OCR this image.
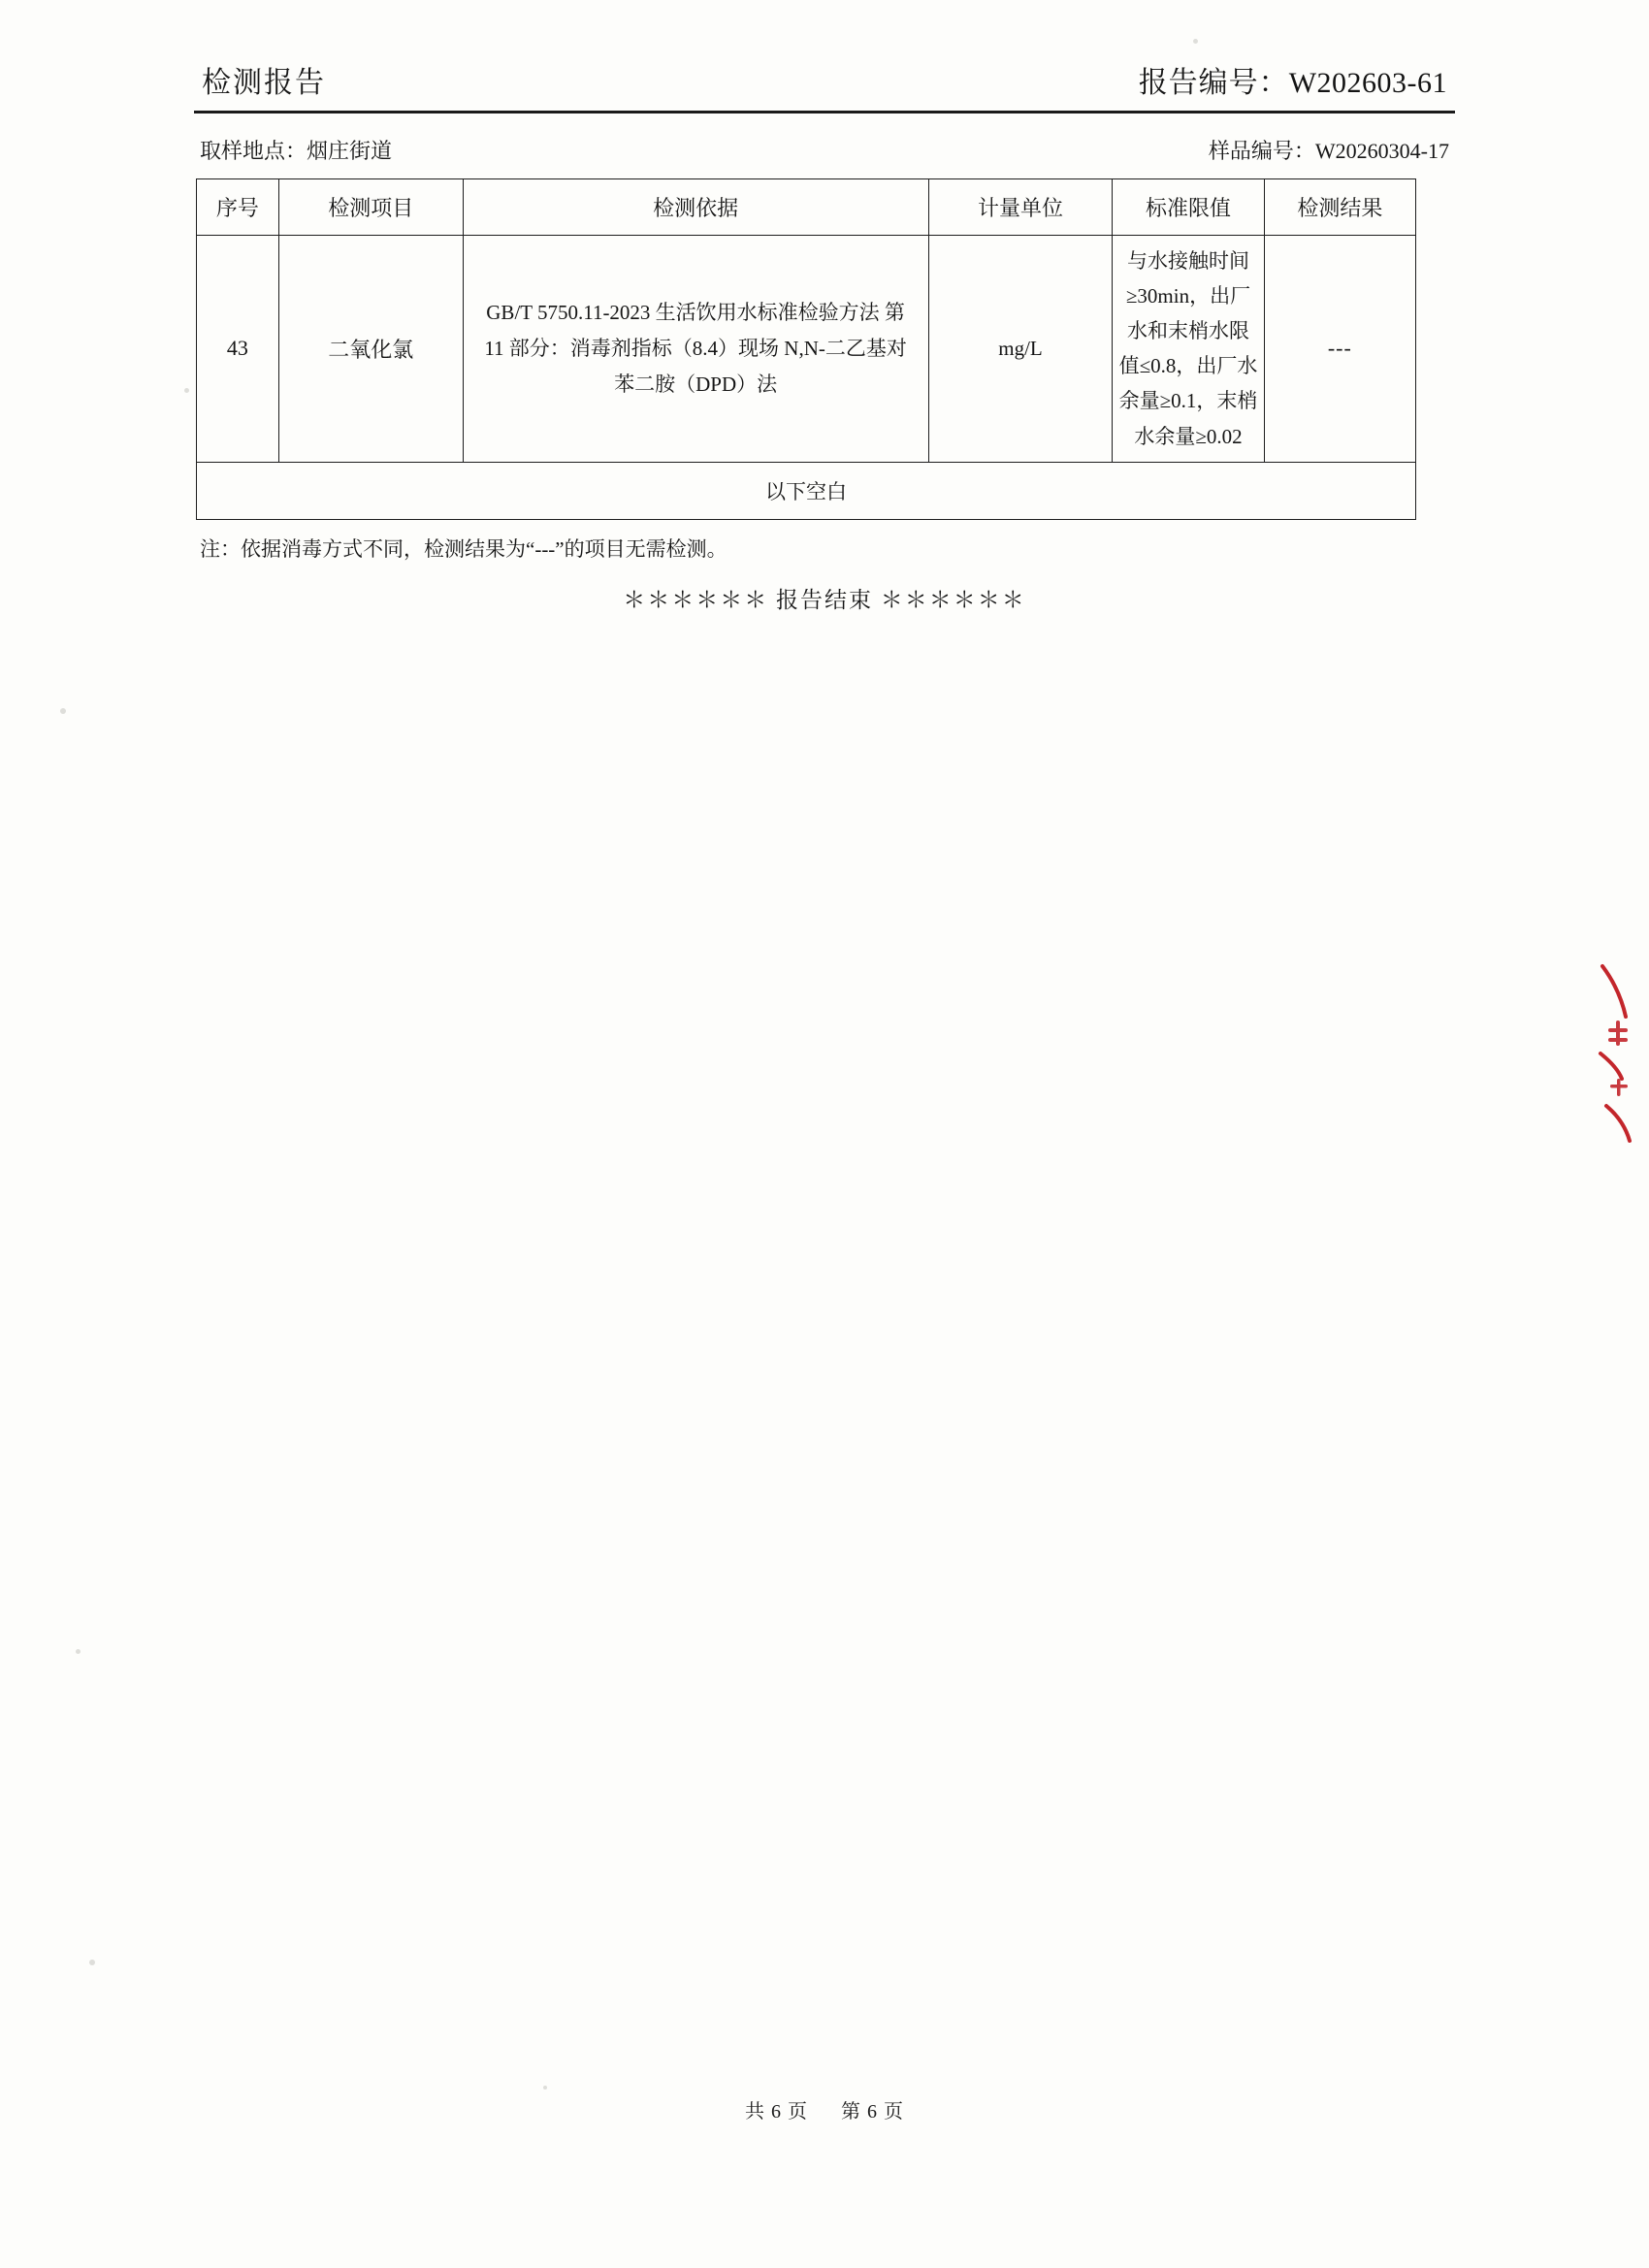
检测报告	报告编号：W202603-61
取样地点：烟庄街道	样品编号：W20260304-17
序号	检测项目	检测依据	计量单位	标准限值	检测结果
43	二氧化氯	GB/T 5750.11-2023 生活饮用水标准检验方法 第 11 部分：消毒剂指标（8.4）现场 N,N-二乙基对苯二胺（DPD）法	mg/L	与水接触时间≥30min，出厂水和末梢水限值≤0.8，出厂水余量≥0.1，末梢水余量≥0.02	---
以下空白					
注：依据消毒方式不同，检测结果为“---”的项目无需检测。
＊＊＊＊＊＊ 报告结束 ＊＊＊＊＊＊
共 6 页 第 6 页
